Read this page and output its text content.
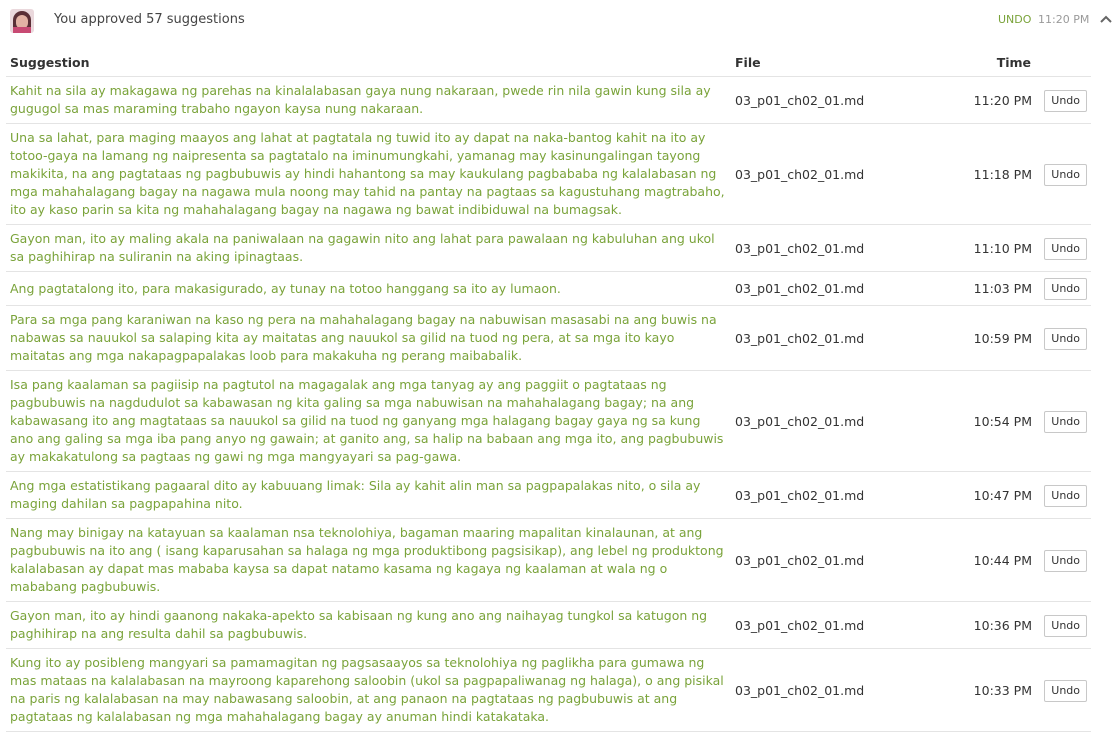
You approved 57 suggestions	UNDO 11:20 PM
Suggestion	File	Time	
Kahit na sila ay makagawa ng parehas na kinalalabasan gaya nung nakaraan, pwede rin nila gawin kung sila ay gugugol sa mas maraming trabaho ngayon kaysa nung nakaraan.	03_p01_ch02_01.md	11:20 PM	Undo
Una sa lahat, para maging maayos ang lahat at pagtatala ng tuwid ito ay dapat na naka-bantog kahit na ito ay totoo-gaya na lamang ng naipresenta sa pagtatalo na iminumungkahi, yamanag may kasinungalingan tayong makikita, na ang pagtataas ng pagbubuwis ay hindi hahantong sa may kaukulang pagbababa ng kalalabasan ng mga mahahalagang bagay na nagawa mula noong may tahid na pantay na pagtaas sa kagustuhang magtrabaho, ito ay kaso parin sa kita ng mahahalagang bagay na nagawa ng bawat indibiduwal na bumagsak.	03_p01_ch02_01.md	11:18 PM	Undo
Gayon man, ito ay maling akala na paniwalaan na gagawin nito ang lahat para pawalaan ng kabuluhan ang ukol sa paghihirap na suliranin na aking ipinagtaas.	03_p01_ch02_01.md	11:10 PM	Undo
Ang pagtatalong ito, para makasigurado, ay tunay na totoo hanggang sa ito ay lumaon.	03_p01_ch02_01.md	11:03 PM	Undo
Para sa mga pang karaniwan na kaso ng pera na mahahalagang bagay na nabuwisan masasabi na ang buwis na nabawas sa nauukol sa salaping kita ay maitatas ang nauukol sa gilid na tuod ng pera, at sa mga ito kayo maitatas ang mga nakapagpapalakas loob para makakuha ng perang maibabalik.	03_p01_ch02_01.md	10:59 PM	Undo
Isa pang kaalaman sa pagiisip na pagtutol na magagalak ang mga tanyag ay ang paggiit o pagtataas ng pagbubuwis na nagdudulot sa kabawasan ng kita galing sa mga nabuwisan na mahahalagang bagay; na ang kabawasang ito ang magtataas sa nauukol sa gilid na tuod ng ganyang mga halagang bagay gaya ng sa kung ano ang galing sa mga iba pang anyo ng gawain; at ganito ang, sa halip na babaan ang mga ito, ang pagbubuwis ay makakatulong sa pagtaas ng gawi ng mga mangyayari sa pag-gawa.	03_p01_ch02_01.md	10:54 PM	Undo
Ang mga estatistikang pagaaral dito ay kabuuang limak: Sila ay kahit alin man sa pagpapalakas nito, o sila ay maging dahilan sa pagpapahina nito.	03_p01_ch02_01.md	10:47 PM	Undo
Nang may binigay na katayuan sa kaalaman nsa teknolohiya, bagaman maaring mapalitan kinalaunan, at ang pagbubuwis na ito ang ( isang kaparusahan sa halaga ng mga produktibong pagsisikap), ang lebel ng produktong kalalabasan ay dapat mas mababa kaysa sa dapat natamo kasama ng kagaya ng kaalaman at wala ng o mababang pagbubuwis.	03_p01_ch02_01.md	10:44 PM	Undo
Gayon man, ito ay hindi gaanong nakaka-apekto sa kabisaan ng kung ano ang naihayag tungkol sa katugon ng paghihirap na ang resulta dahil sa pagbubuwis.	03_p01_ch02_01.md	10:36 PM	Undo
Kung ito ay posibleng mangyari sa pamamagitan ng pagsasaayos sa teknolohiya ng paglikha para gumawa ng mas mataas na kalalabasan na mayroong kaparehong saloobin (ukol sa pagpapaliwanag ng halaga), o ang pisikal na paris ng kalalabasan na may nabawasang saloobin, at ang panaon na pagtataas ng pagbubuwis at ang pagtataas ng kalalabasan ng mga mahahalagang bagay ay anuman hindi katakataka.	03_p01_ch02_01.md	10:33 PM	Undo
